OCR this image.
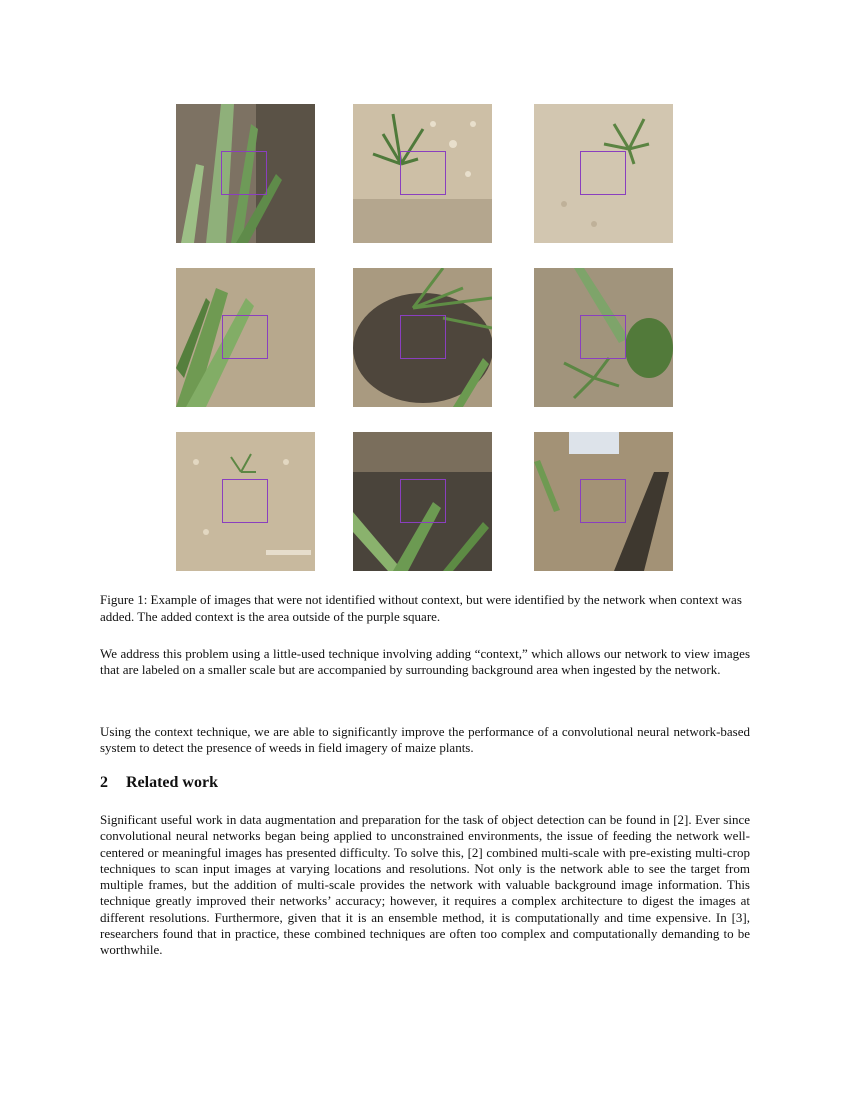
Figure 1: Example of images that were not identified without context, but were identified by the network when context was added. The added context is the area outside of the purple square.

We address this problem using a little-used technique involving adding “context,” which allows our network to view images that are labeled on a smaller scale but are accompanied by surrounding background area when ingested by the network.

Using the context technique, we are able to significantly improve the performance of a convolutional neural network-based system to detect the presence of weeds in field imagery of maize plants.

2 Related work

Significant useful work in data augmentation and preparation for the task of object detection can be found in [2]. Ever since convolutional neural networks began being applied to unconstrained environments, the issue of feeding the network well-centered or meaningful images has presented difficulty. To solve this, [2] combined multi-scale with pre-existing multi-crop techniques to scan input images at varying locations and resolutions. Not only is the network able to see the target from multiple frames, but the addition of multi-scale provides the network with valuable background image information. This technique greatly improved their networks’ accuracy; however, it requires a complex architecture to digest the images at different resolutions. Furthermore, given that it is an ensemble method, it is computationally and time expensive. In [3], researchers found that in practice, these combined techniques are often too complex and computationally demanding to be worthwhile.
